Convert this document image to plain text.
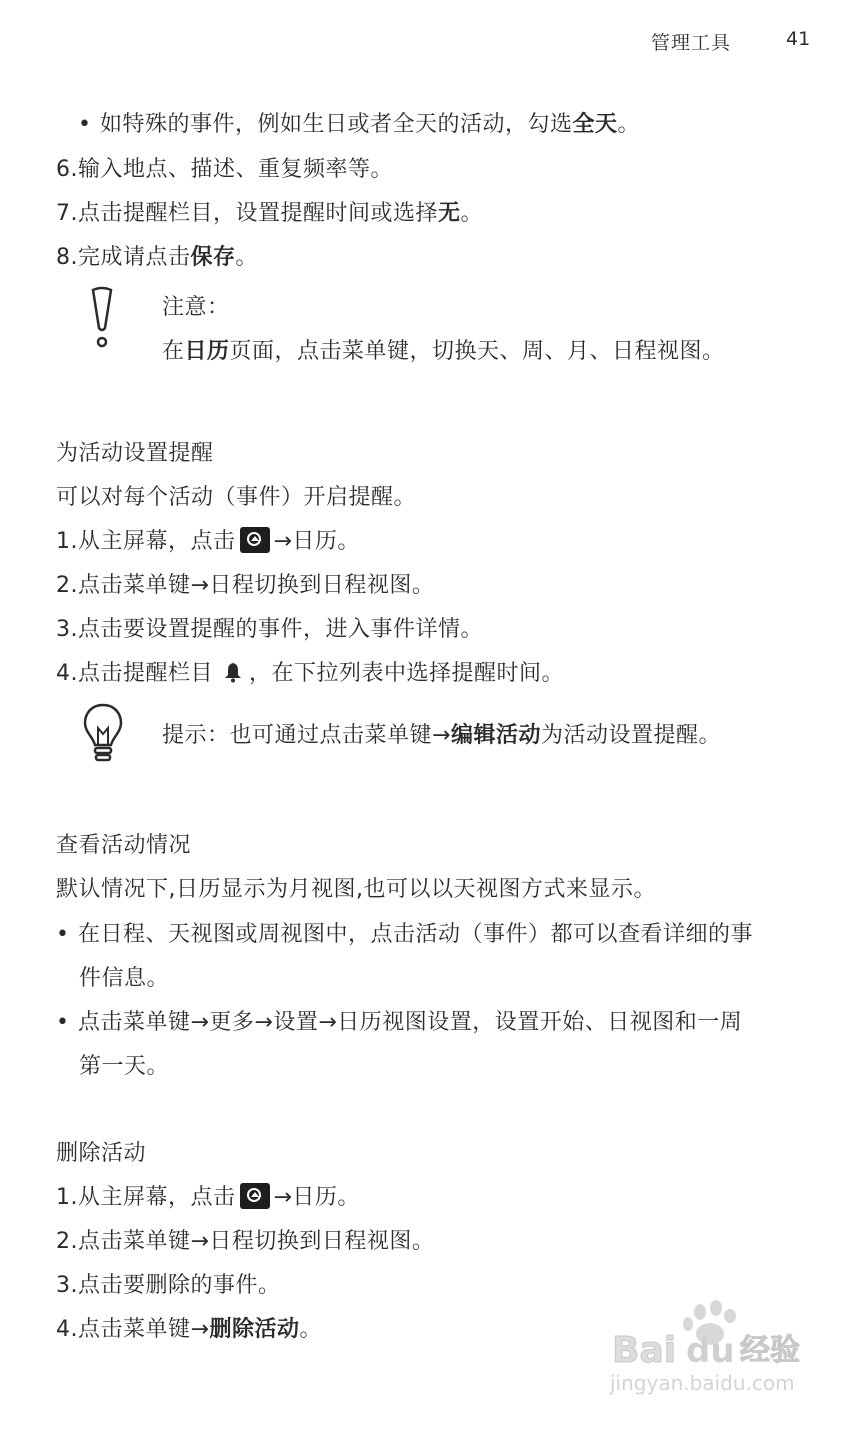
管理工具	41
• 如特殊的事件，例如生日或者全天的活动，勾选全天。
6.输入地点、描述、重复频率等。
7.点击提醒栏目，设置提醒时间或选择无。
8.完成请点击保存。
注意：
在日历页面，点击菜单键，切换天、周、月、日程视图。
为活动设置提醒
可以对每个活动（事件）开启提醒。
1.从主屏幕，点击 →日历。
2.点击菜单键→日程切换到日程视图。
3.点击要设置提醒的事件，进入事件详情。
4.点击提醒栏目 ，在下拉列表中选择提醒时间。
提示：也可通过点击菜单键→编辑活动为活动设置提醒。
查看活动情况
默认情况下,日历显示为月视图,也可以以天视图方式来显示。
• 在日程、天视图或周视图中，点击活动（事件）都可以查看详细的事
件信息。
• 点击菜单键→更多→设置→日历视图设置，设置开始、日视图和一周
第一天。
删除活动
1.从主屏幕，点击 →日历。
2.点击菜单键→日程切换到日程视图。
3.点击要删除的事件。
4.点击菜单键→删除活动。
Bai du 经验
jingyan.baidu.com
